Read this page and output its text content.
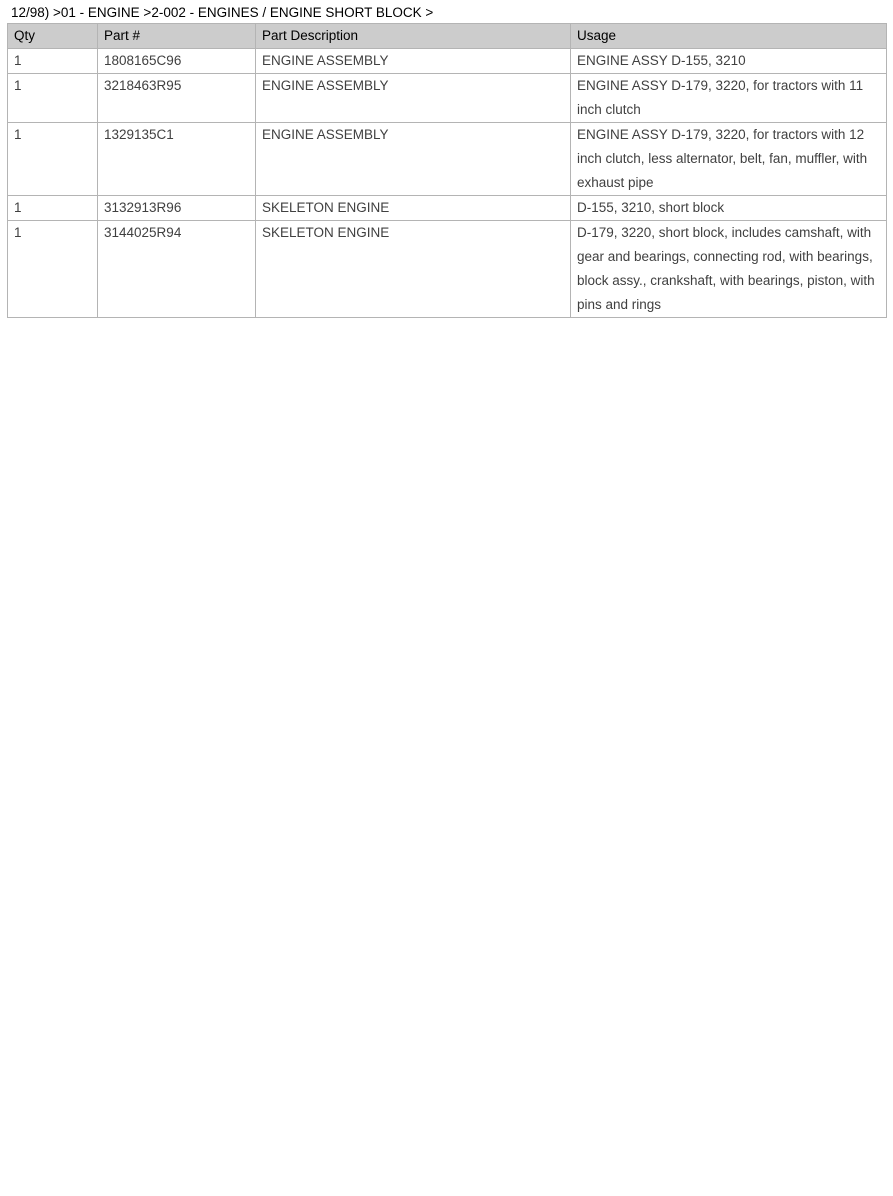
12/98) >01 - ENGINE >2-002 - ENGINES / ENGINE SHORT BLOCK >
Qty	Part #	Part Description	Usage
1	1808165C96	ENGINE ASSEMBLY	ENGINE ASSY D-155, 3210
1	3218463R95	ENGINE ASSEMBLY	ENGINE ASSY D-179, 3220, for tractors with 11 inch clutch
1	1329135C1	ENGINE ASSEMBLY	ENGINE ASSY D-179, 3220, for tractors with 12 inch clutch, less alternator, belt, fan, muffler, with exhaust pipe
1	3132913R96	SKELETON ENGINE	D-155, 3210, short block
1	3144025R94	SKELETON ENGINE	D-179, 3220, short block, includes camshaft, with gear and bearings, connecting rod, with bearings, block assy., crankshaft, with bearings, piston, with pins and rings
